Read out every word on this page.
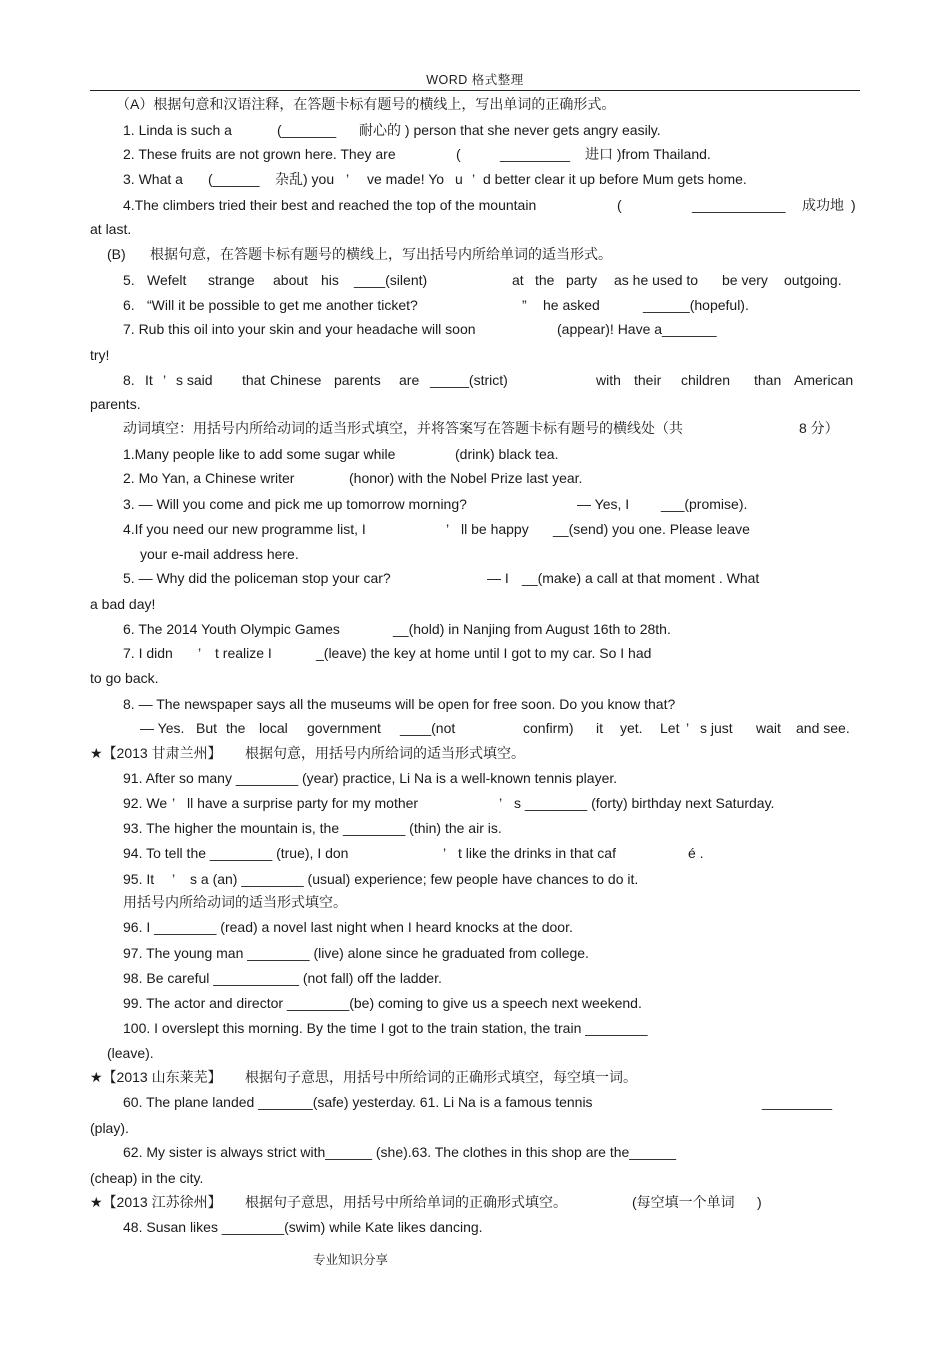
WORD 格式整理
（A）根据句意和汉语注释，在答题卡标有题号的横线上，写出单词的正确形式。
1. Linda is such a	(_______ 耐心的 ) person that she never gets angry easily.
2. These fruits are not grown here. They are	(	_________ 进口 )from Thailand.
3. What a (______ 杂乱) you ’ ve made! Yo u ’ d better clear it up before Mum gets home.
4.The climbers tried their best and reached the top of the mountain	(	____________ 成功地 )
at last.
(B) 根据句意，在答题卡标有题号的横线上，写出括号内所给单词的适当形式。
5. Wefelt strange about his ____(silent)	at the party as he used to be very outgoing.
6. “Will it be possible to get me another ticket?	” he asked	______(hopeful).
7. Rub this oil into your skin and your headache will soon	(appear)! Have a_______
try!
8. It ’ s said that Chinese parents are _____(strict)	with their children than American
parents.
动词填空：用括号内所给动词的适当形式填空，并将答案写在答题卡标有题号的横线处（共	8 分）
1.Many people like to add some sugar while	(drink) black tea.
2. Mo Yan, a Chinese writer	(honor) with the Nobel Prize last year.
3. — Will you come and pick me up tomorrow morning?	— Yes, I ___(promise).
4.If you need our new programme list, I	’ ll be happy __(send) you one. Please leave
your e-mail address here.
5. — Why did the policeman stop your car?	— I __(make) a call at that moment . What
a bad day!
6. The 2014 Youth Olympic Games	__(hold) in Nanjing from August 16th to 28th.
7. I didn ’ t realize I	_(leave) the key at home until I got to my car. So I had
to go back.
8. — The newspaper says all the museums will be open for free soon. Do you know that?
— Yes. But the local government ____(not	confirm) it yet. Let ’ s just wait and see.
★【2013 甘肃兰州】 根据句意，用括号内所给词的适当形式填空。
91. After so many ________ (year) practice, Li Na is a well-known tennis player.
92. We ’ ll have a surprise party for my mother	’ s ________ (forty) birthday next Saturday.
93. The higher the mountain is, the ________ (thin) the air is.
94. To tell the ________ (true), I don	’ t like the drinks in that caf	é .
95. It ’ s a (an) ________ (usual) experience; few people have chances to do it.
用括号内所给动词的适当形式填空。
96. I ________ (read) a novel last night when I heard knocks at the door.
97. The young man ________ (live) alone since he graduated from college.
98. Be careful ___________ (not fall) off the ladder.
99. The actor and director ________(be) coming to give us a speech next weekend.
100. I overslept this morning. By the time I got to the train station, the train ________
(leave).
★【2013 山东莱芜】 根据句子意思，用括号中所给词的正确形式填空，每空填一词。
60. The plane landed _______(safe) yesterday. 61. Li Na is a famous tennis	_________
(play).
62. My sister is always strict with______ (she).63. The clothes in this shop are the______
(cheap) in the city.
★【2013 江苏徐州】 根据句子意思，用括号中所给单词的正确形式填空。	(每空填一个单词 )
48. Susan likes ________(swim) while Kate likes dancing.
专业知识分享
